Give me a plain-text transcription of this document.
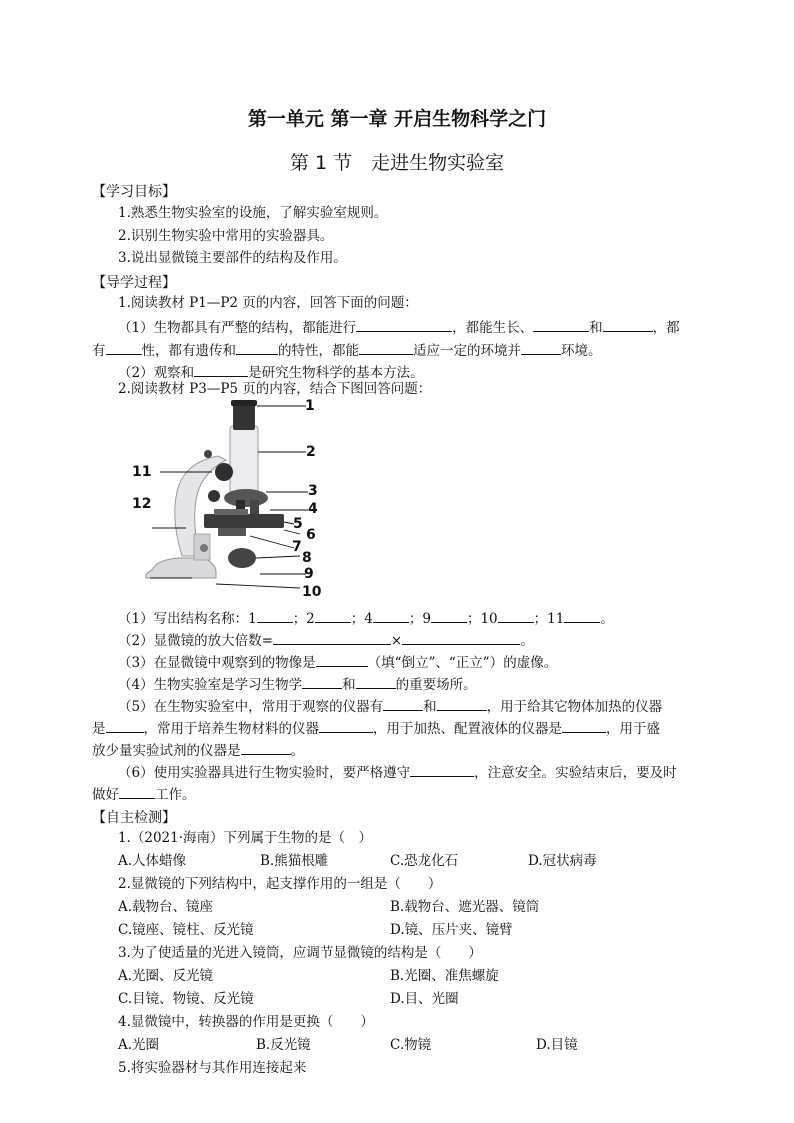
第一单元 第一章 开启生物科学之门
第 1 节　走进生物实验室
【学习目标】
1.熟悉生物实验室的设施，了解实验室规则。
2.识别生物实验中常用的实验器具。
3.说出显微镜主要部件的结构及作用。
【导学过程】
1.阅读教材 P1—P2 页的内容，回答下面的问题：
（1）生物都具有严整的结构，都能进行	，都能生长、	和	，都
有	性，都有遗传和	的特性，都能	适应一定的环境并	环境。
（2）观察和	是研究生物科学的基本方法。
2.阅读教材 P3—P5 页的内容，结合下图回答问题：
1
2
3
4
5
6
7
8
9
10
11
12
（1）写出结构名称：1	；2	；4	；9	；10	；11	。
（2）显微镜的放大倍数=	×	。
（3）在显微镜中观察到的物像是	（填“倒立”、“正立”）的虚像。
（4）生物实验室是学习生物学	和	的重要场所。
（5）在生物实验室中，常用于观察的仪器有	和	，用于给其它物体加热的仪器
是	，常用于培养生物材料的仪器	，用于加热、配置液体的仪器是	，用于盛
放少量实验试剂的仪器是	。
（6）使用实验器具进行生物实验时，要严格遵守	，注意安全。实验结束后，要及时
做好	工作。
【自主检测】
1.（2021·海南）下列属于生物的是（　）
A.人体蜡像	B.熊猫根雕	C.恐龙化石	D.冠状病毒
2.显微镜的下列结构中，起支撑作用的一组是（　　）
A.载物台、镜座	B.载物台、遮光器、镜筒
C.镜座、镜柱、反光镜	D.镜、压片夹、镜臂
3.为了使适量的光进入镜筒，应调节显微镜的结构是（　　）
A.光圈、反光镜	B.光圈、准焦螺旋
C.目镜、物镜、反光镜	D.目、光圈
4.显微镜中，转换器的作用是更换（　　）
A.光圈	B.反光镜	C.物镜	D.目镜
5.将实验器材与其作用连接起来
